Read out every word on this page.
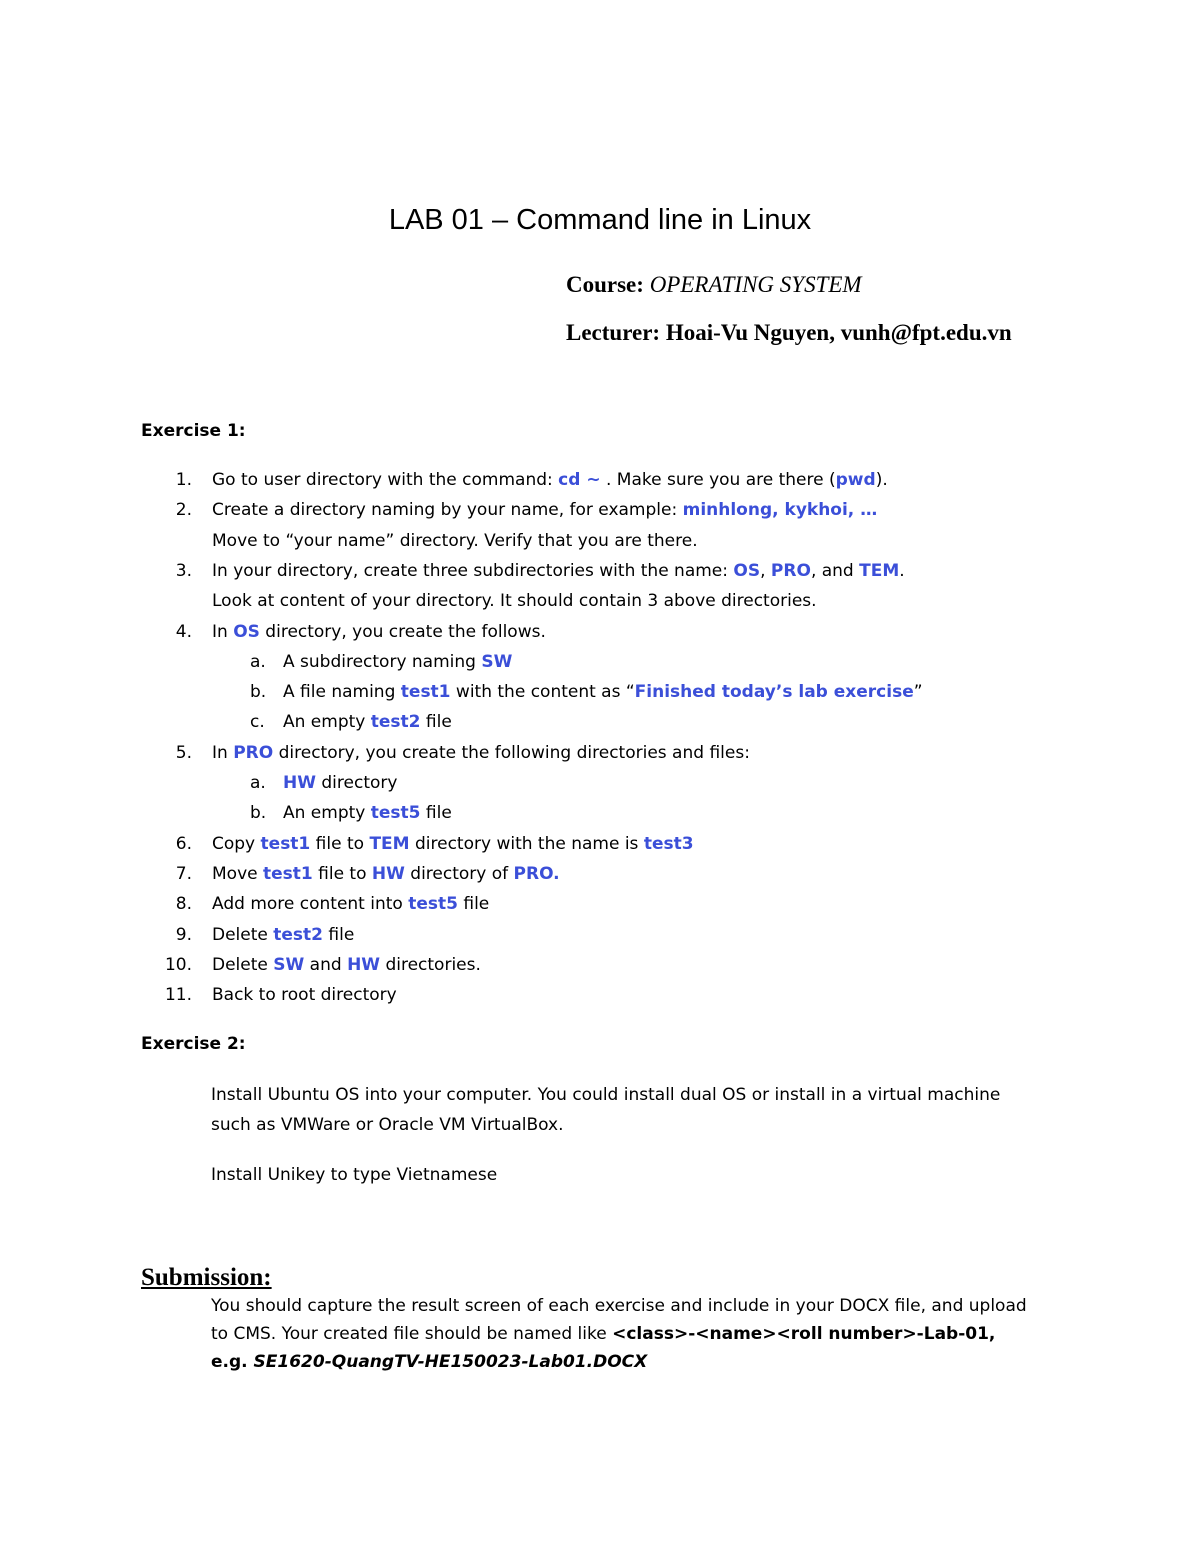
LAB 01 – Command line in Linux
Course: OPERATING SYSTEM
Lecturer: Hoai-Vu Nguyen, vunh@fpt.edu.vn
Exercise 1:
1. Go to user directory with the command: cd ~ . Make sure you are there (pwd).
2. Create a directory naming by your name, for example: minhlong, kykhoi, …
Move to “your name” directory. Verify that you are there.
3. In your directory, create three subdirectories with the name: OS, PRO, and TEM.
Look at content of your directory. It should contain 3 above directories.
4. In OS directory, you create the follows.
a. A subdirectory naming SW
b. A file naming test1 with the content as “Finished today’s lab exercise”
c. An empty test2 file
5. In PRO directory, you create the following directories and files:
a. HW directory
b. An empty test5 file
6. Copy test1 file to TEM directory with the name is test3
7. Move test1 file to HW directory of PRO.
8. Add more content into test5 file
9. Delete test2 file
10. Delete SW and HW directories.
11. Back to root directory
Exercise 2:
Install Ubuntu OS into your computer. You could install dual OS or install in a virtual machine
such as VMWare or Oracle VM VirtualBox.
Install Unikey to type Vietnamese
Submission:
You should capture the result screen of each exercise and include in your DOCX file, and upload
to CMS. Your created file should be named like <class>-<name><roll number>-Lab-01,
e.g. SE1620-QuangTV-HE150023-Lab01.DOCX
